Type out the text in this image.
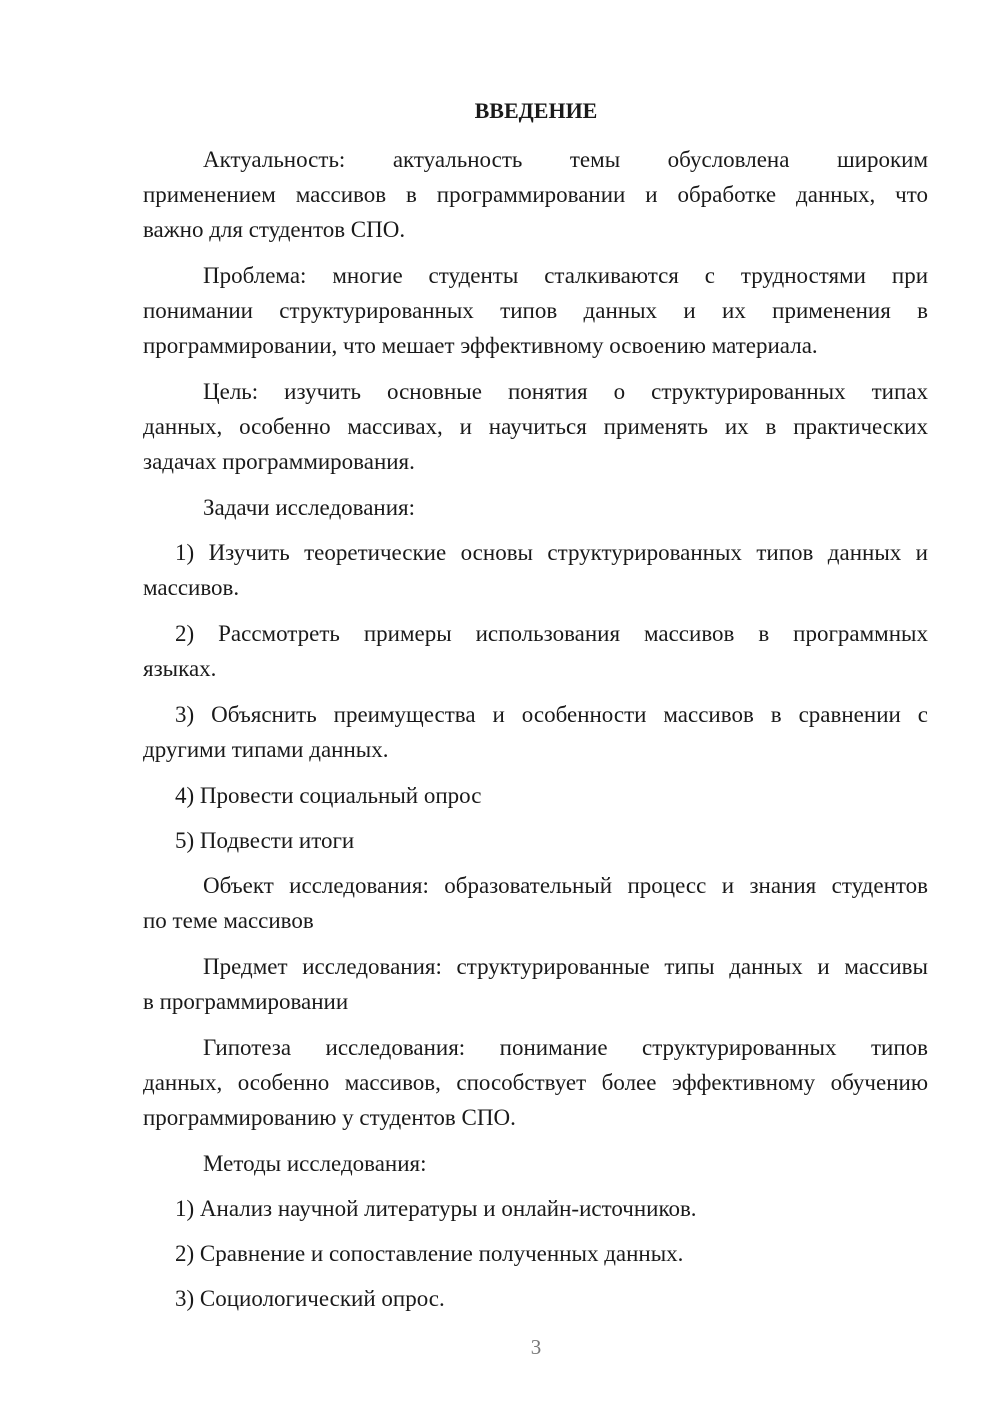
ВВЕДЕНИЕ

Актуальность: актуальность темы обусловлена широким

применением массивов в программировании и обработке данных, что

важно для студентов СПО.

Проблема: многие студенты сталкиваются с трудностями при

понимании структурированных типов данных и их применения в

программировании, что мешает эффективному освоению материала.

Цель: изучить основные понятия о структурированных типах

данных, особенно массивах, и научиться применять их в практических

задачах программирования.

Задачи исследования:

1) Изучить теоретические основы структурированных типов данных и

массивов.

2) Рассмотреть примеры использования массивов в программных

языках.

3) Объяснить преимущества и особенности массивов в сравнении с

другими типами данных.

4) Провести социальный опрос

5) Подвести итоги

Объект исследования: образовательный процесс и знания студентов

по теме массивов

Предмет исследования: структурированные типы данных и массивы

в программировании

Гипотеза исследования: понимание структурированных типов

данных, особенно массивов, способствует более эффективному обучению

программированию у студентов СПО.

Методы исследования:

1) Анализ научной литературы и онлайн-источников.

2) Сравнение и сопоставление полученных данных.

3) Социологический опрос.

3
